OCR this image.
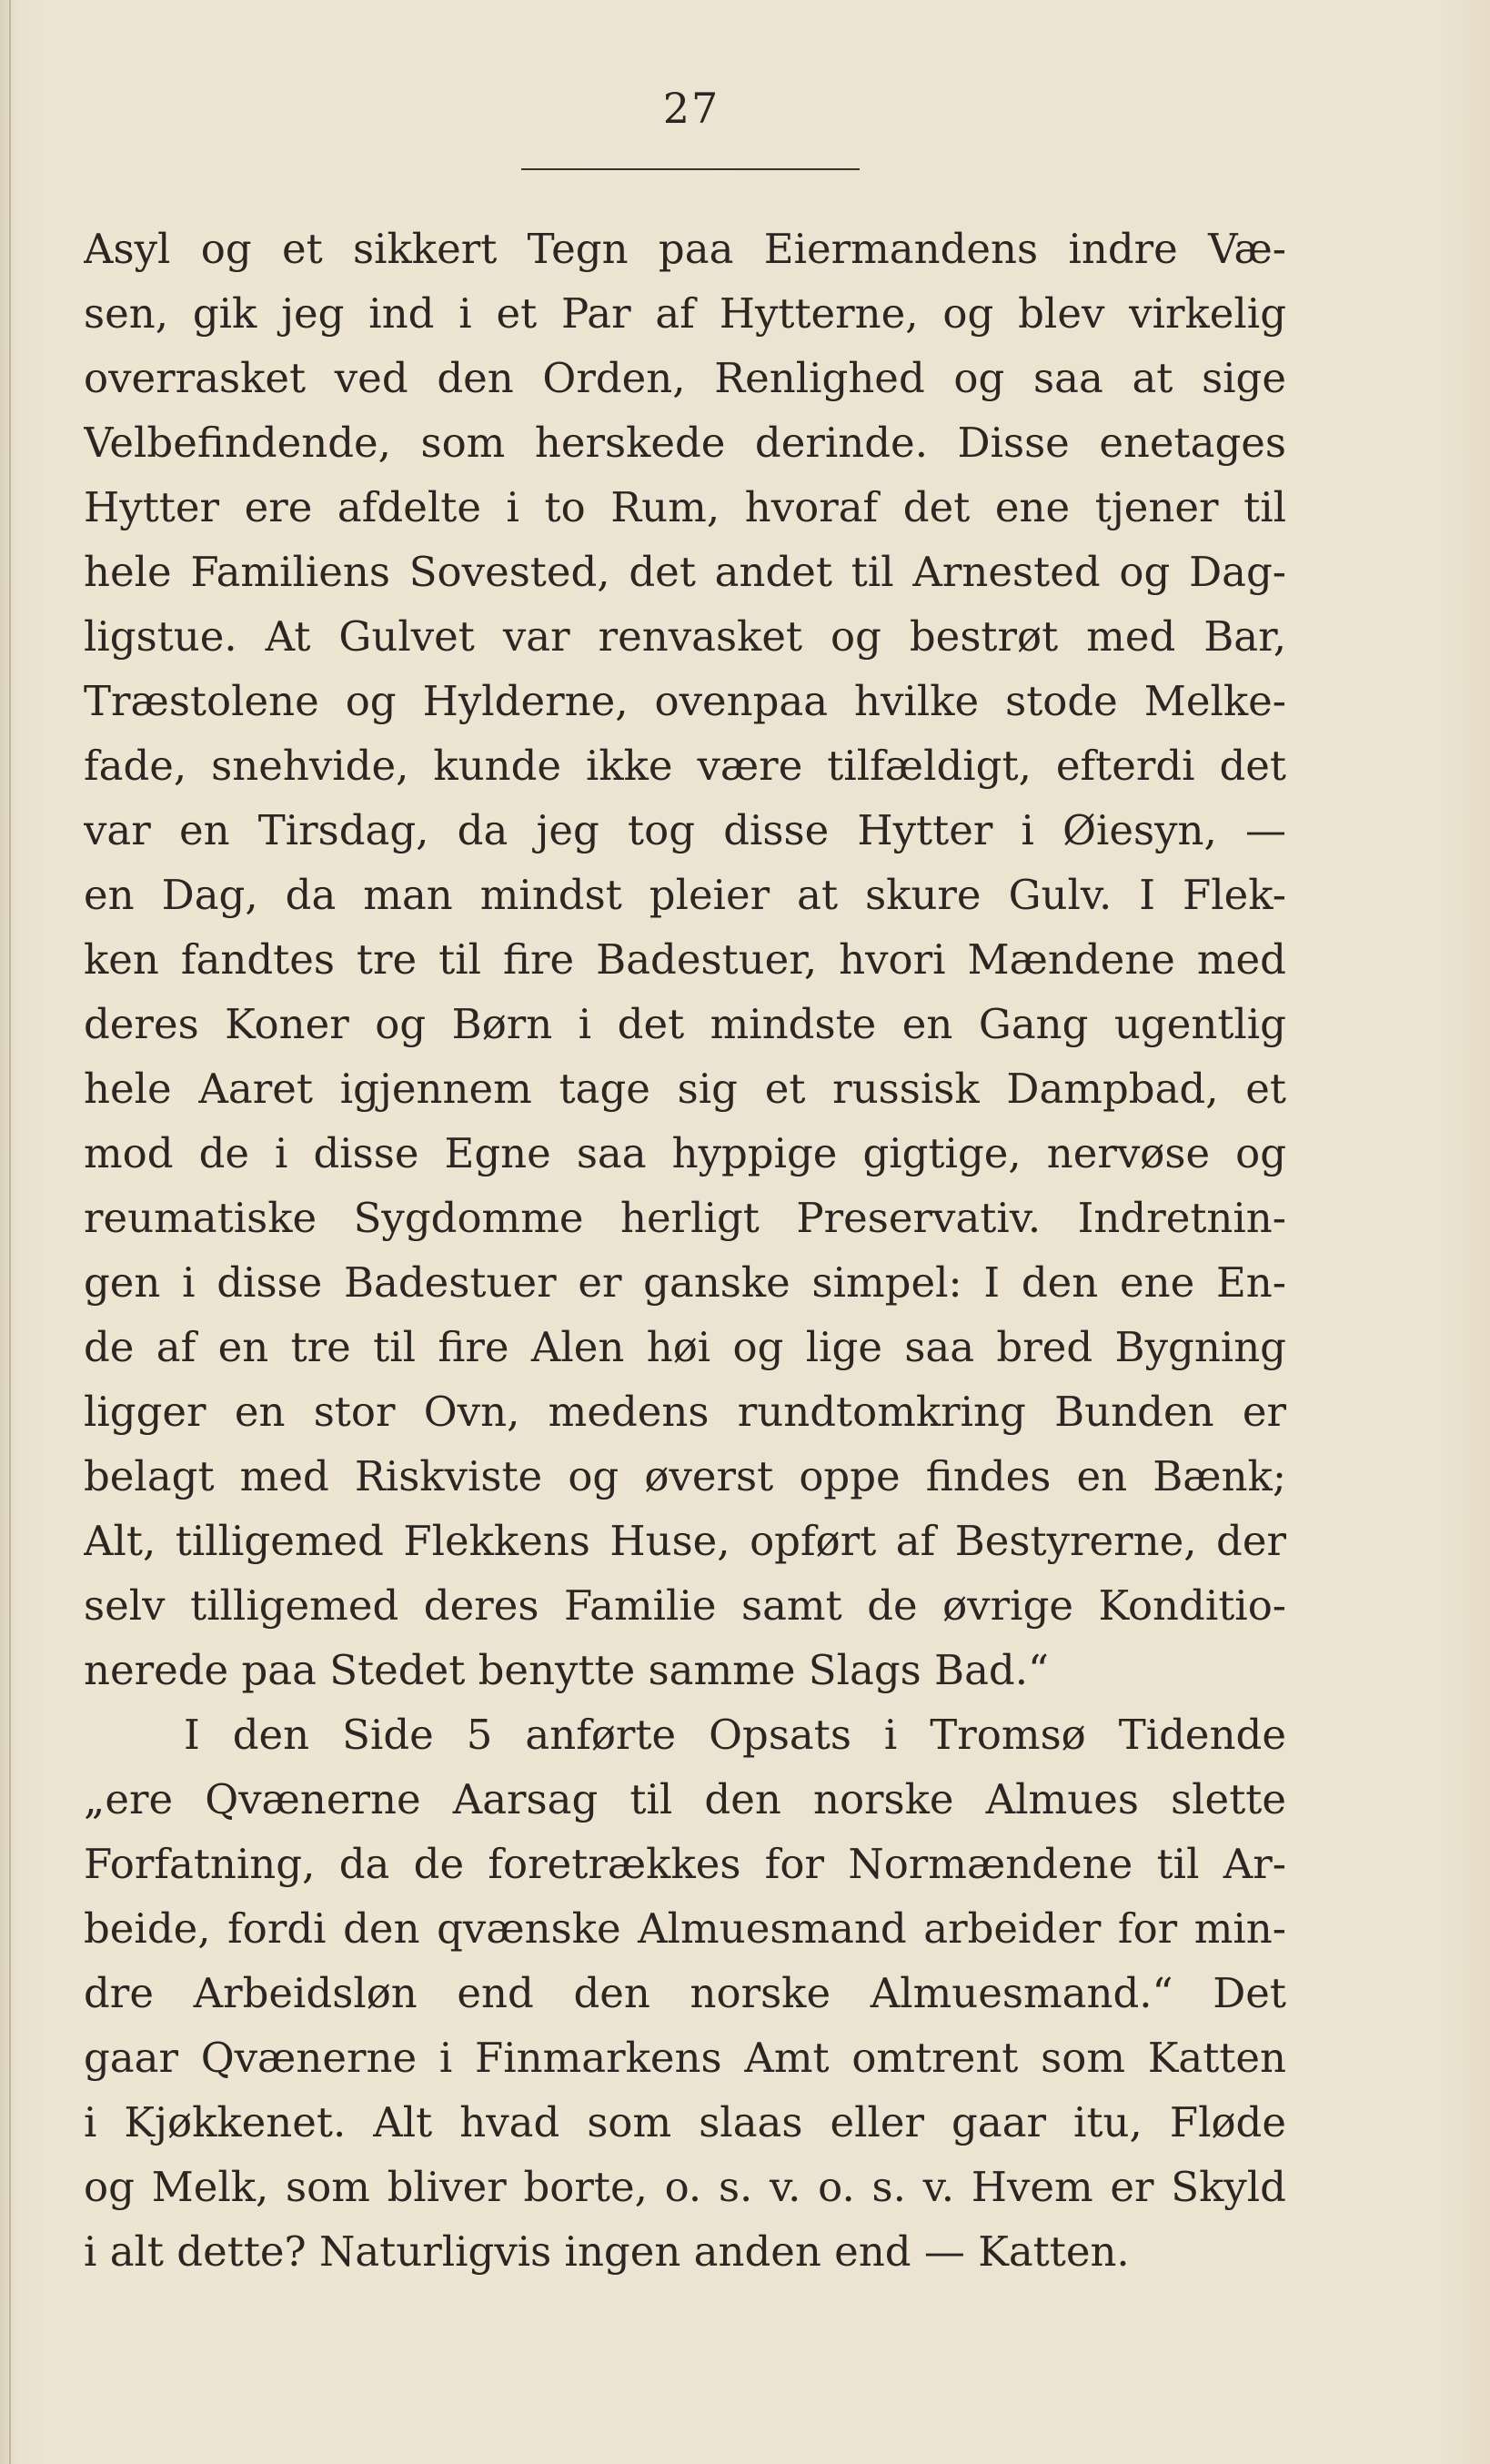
27
Asyl og et sikkert Tegn paa Eiermandens indre Væ-
sen, gik jeg ind i et Par af Hytterne, og blev virkelig
overrasket ved den Orden, Renlighed og saa at sige
Velbefindende, som herskede derinde. Disse enetages
Hytter ere afdelte i to Rum, hvoraf det ene tjener til
hele Familiens Sovested, det andet til Arnested og Dag-
ligstue. At Gulvet var renvasket og bestrøt med Bar,
Træstolene og Hylderne, ovenpaa hvilke stode Melke-
fade, snehvide, kunde ikke være tilfældigt, efterdi det
var en Tirsdag, da jeg tog disse Hytter i Øiesyn, —
en Dag, da man mindst pleier at skure Gulv. I Flek-
ken fandtes tre til fire Badestuer, hvori Mændene med
deres Koner og Børn i det mindste en Gang ugentlig
hele Aaret igjennem tage sig et russisk Dampbad, et
mod de i disse Egne saa hyppige gigtige, nervøse og
reumatiske Sygdomme herligt Preservativ. Indretnin-
gen i disse Badestuer er ganske simpel: I den ene En-
de af en tre til fire Alen høi og lige saa bred Bygning
ligger en stor Ovn, medens rundtomkring Bunden er
belagt med Riskviste og øverst oppe findes en Bænk;
Alt, tilligemed Flekkens Huse, opført af Bestyrerne, der
selv tilligemed deres Familie samt de øvrige Konditio-
nerede paa Stedet benytte samme Slags Bad.“
I den Side 5 anførte Opsats i Tromsø Tidende
„ere Qvænerne Aarsag til den norske Almues slette
Forfatning, da de foretrækkes for Normændene til Ar-
beide, fordi den qvænske Almuesmand arbeider for min-
dre Arbeidsløn end den norske Almuesmand.“ Det
gaar Qvænerne i Finmarkens Amt omtrent som Katten
i Kjøkkenet. Alt hvad som slaas eller gaar itu, Fløde
og Melk, som bliver borte, o. s. v. o. s. v. Hvem er Skyld
i alt dette? Naturligvis ingen anden end — Katten.
